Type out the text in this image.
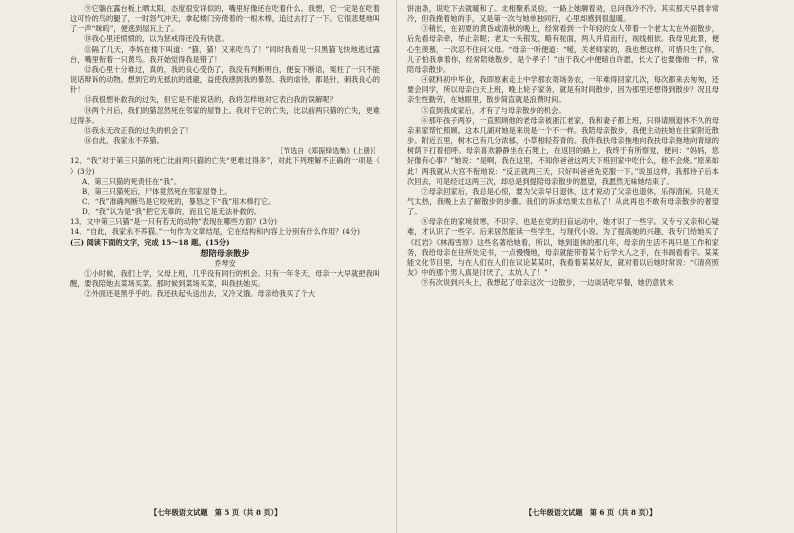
⑨它躺在露台板上晒太阳，态度很安详似的，嘴里好像还在吃着什么。我想，它一定是在吃着这可怜的鸟的腿了，一时怒气冲天，拿起楼门旁倚着的一根木棒，追过去打了一下。它很悲楚地叫了一声“咪呜”，便逃到屋瓦上了。

⑩我心里还愤愤的，以为惩戒得还没有快意。

⑪隔了几天，李妈在楼下叫道：“猫，猫！又来吃鸟了！”同时我看见一只黑猫飞快地逃过露台，嘴里衔着一只黄鸟。我开始觉得我是错了！

⑫我心里十分难过，真的，我的良心受伤了，我没有判断明白，便妄下断语，冤枉了一只不能说话辩诉的动物。想到它的无抵抗的逃避，益使我感到我的暴怒、我的虐待，都是针，刺我良心的针！

⑬我很想补救我的过失，但它是不能说话的，我将怎样地对它表白我的误解呢？

⑭两个月后，我们的猫忽然死在邻家的屋脊上。我对于它的亡失，比以前两只猫的亡失，更难过得多。

⑮我永无改正我的过失的机会了！

⑯自此，我家永不养猫。

［节选自《郑振铎选集》(上册)］

12．“我”对于第三只猫的死亡比前两只猫的亡失“更难过得多”，对此下列理解不正确的一项是（ ）(3分)

A．第三只猫的死责任在“我”。

B．第三只猫死后，尸体竟然死在邻家屋脊上。

C．“我”准确判断鸟是它咬死的，暴怒之下“我”用木棒打它。

D．“我”认为是“我”把它无辜的，而且它是无法补救的。

13．文中第三只猫“是一只有若无的动物”表现在哪些方面？(3分)

14．“自此，我家永不养猫。”一句作为文章结尾，它在结构和内容上分别有什么作用？(4分)

(三) 阅读下面的文字，完成 15～18 题。(15分)

想陪母亲散步
乔琴安

①小时候，我们上学，父母上班，几乎没有同行的机会。只有一年冬天，母亲一大早就把我叫醒，要我陪她去菜场买菜。那时候到菜场买菜，叫我扶她买。

②外面还是黑乎乎的。我还扶起头送出去，又冷又饿。母亲给我买了个大

【七年级语文试题　第 5 页（共 8 页）】

饼油条，说吃下去就暖和了。北相聚系灵验。一路上她聊着劝，总问我冷不冷。其实那天早晨非常冷，但我挽着她的手，又是第一次与她单独同行，心里却感到很温暖。

③稍长，在初夏的黄昏或清秋的晚上，经常看到一个年轻的女人带着一个老太太在外面散步，后先看母亲牵，举止亲昵；老太一头银发，略有驼面，两人并肩而行，视线相依。我母见此景，便心生羡慕，一次忍不住问父母。“母亲一听便道：“嗳，关老师家的，我也想这样，可惜只生了你，儿子怕我拿着你，经常陪她散步，是个孝子！”由于我心中便暗自许愿，长大了也要像他一样，常陪母亲散步。

④就料初中毕业，我即原素走上中学那农寄场务农，一年难得回家几次，每次都来去匆匆，还要会同学，所以母亲白天上班，晚上轮子家务，就是有时间散步，因为那里还想得到散步？况且母亲生性勤劳，在她眼里，散步简直就是浪费时间。

⑤直到我成家后，才有了与母亲散步的机会。

⑥那年孩子两岁，一直照顾他的老母亲被浙江老家，我和妻子都上班，只得请刚退休不久的母亲来家帮忙照顾。这本几湖对她是来说是一个不一样。我陪母亲散步，我便主动扶她在住家附近散步。附近五里，树木已有几分浓郁，小草相轻苔青的。我伴我扶母亲拖地向我扶母亲拖地向青绿的树荫下打着招呼。母亲喜欢静静坐在石凳上，在返回的路上，我终于有所察觉，便问：“妈妈，您好像有心事？”她说：“是啊，我在这里，不知你爸爸这两天下班回家中吃什么，他不会烧。”原来如此！两我就从大宫不衔地说：“反正就两三天，只好叫爸爸先克服一下。”说虽这样，我那待子后本次回去，可是经过这两三次，却总是到提陪母亲散步的愿望，我愿然无味她结束了。

⑦母亲回家后，我总是心惊，要为父亲早日退休，这才说动了父亲也退休，乐得清闲。只是天气太热，我晚上去了解散步的步骤。我们的诉求结果太自私了！从此再也不敢有母亲散步的奢望了。

⑧母亲在的家境贫寒，不识字。也是在党的扫盲运动中，她才识了一些字。又专亏又亲和心疑难，才认识了一些字。后来居然能读一些学生，与现代小说。为了提高她的兴趣，我专门给她买了《红岩》《林海雪原》这些名著给她看，所以，她到退休的那几年，母亲的生活不再只是工作和家务，我给母亲在住所处定书，一点慢慢地，母亲就能带着某个后学大人之手，在书阁看看字。某某能文化节目里，与在人们在人们在议论某某时，我看着某某好友，就对着以后她时常说：“《清亮照友》中的那个男人真是讨厌了，太坑人了！”

⑨有次说到兴头上，我想起了母亲这次一边散步，一边谈话吃早餐，她仍意犹未

【七年级语文试题　第 6 页（共 8 页）】
